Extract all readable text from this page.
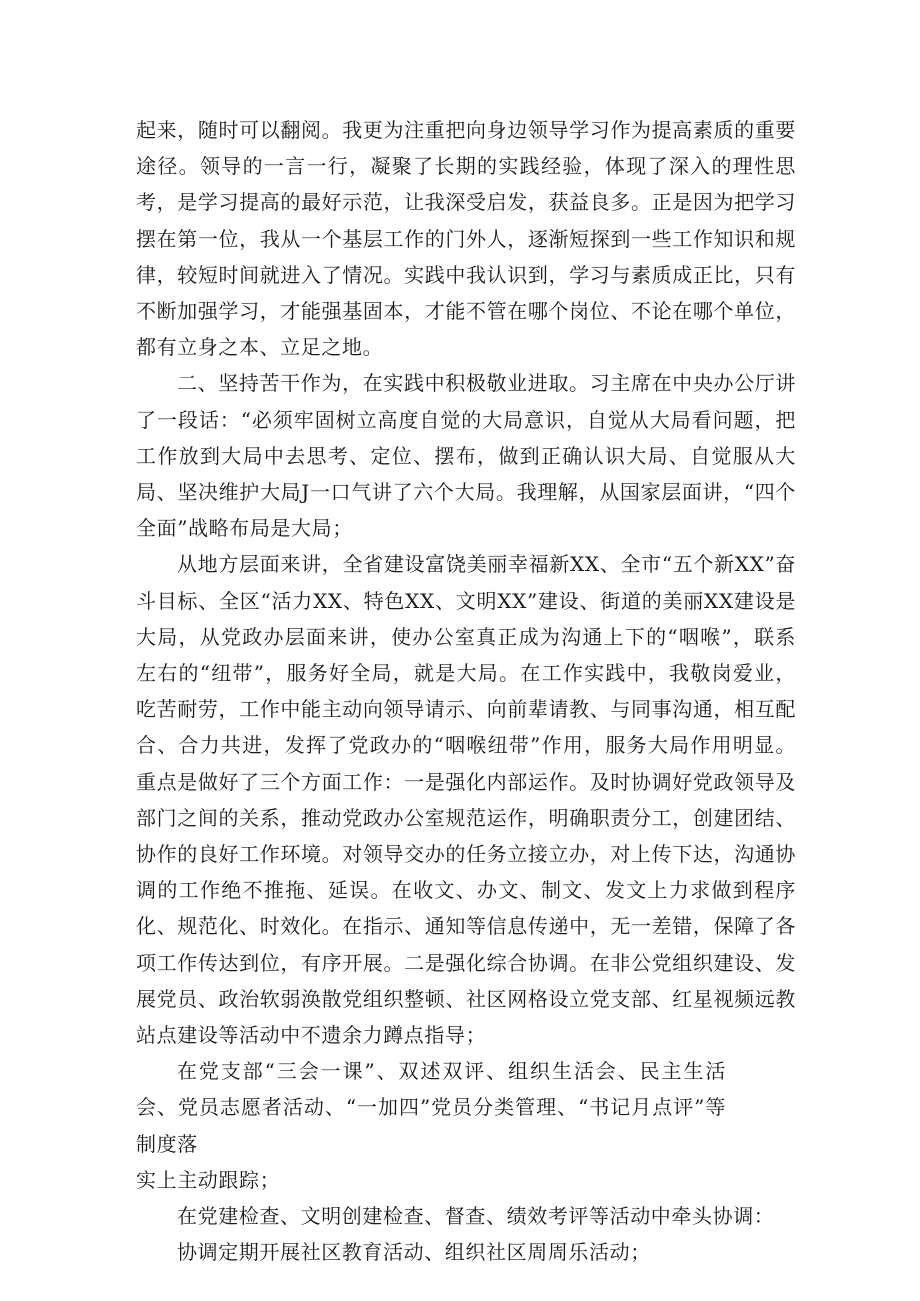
起来，随时可以翻阅。我更为注重把向身边领导学习作为提高素质的重要途径。领导的一言一行，凝聚了长期的实践经验，体现了深入的理性思考，是学习提高的最好示范，让我深受启发，获益良多。正是因为把学习摆在第一位，我从一个基层工作的门外人，逐渐短探到一些工作知识和规律，较短时间就进入了情况。实践中我认识到，学习与素质成正比，只有不断加强学习，才能强基固本，才能不管在哪个岗位、不论在哪个单位，都有立身之本、立足之地。

二、坚持苦干作为，在实践中积极敬业进取。习主席在中央办公厅讲了一段话：“必须牢固树立高度自觉的大局意识，自觉从大局看问题，把工作放到大局中去思考、定位、摆布，做到正确认识大局、自觉服从大局、坚决维护大局J一口气讲了六个大局。我理解，从国家层面讲，“四个全面”战略布局是大局；

从地方层面来讲，全省建设富饶美丽幸福新XX、全市“五个新XX”奋斗目标、全区“活力XX、特色XX、文明XX”建设、街道的美丽XX建设是大局，从党政办层面来讲，使办公室真正成为沟通上下的“咽喉”，联系左右的“纽带”，服务好全局，就是大局。在工作实践中，我敬岗爱业，吃苦耐劳，工作中能主动向领导请示、向前辈请教、与同事沟通，相互配合、合力共进，发挥了党政办的“咽喉纽带”作用，服务大局作用明显。重点是做好了三个方面工作：一是强化内部运作。及时协调好党政领导及部门之间的关系，推动党政办公室规范运作，明确职责分工，创建团结、协作的良好工作环境。对领导交办的任务立接立办，对上传下达，沟通协调的工作绝不推拖、延误。在收文、办文、制文、发文上力求做到程序化、规范化、时效化。在指示、通知等信息传递中，无一差错，保障了各项工作传达到位，有序开展。二是强化综合协调。在非公党组织建设、发展党员、政治软弱涣散党组织整顿、社区网格设立党支部、红星视频远教站点建设等活动中不遗余力蹲点指导；

在党支部“三会一课”、双述双评、组织生活会、民主生活会、党员志愿者活动、“一加四”党员分类管理、“书记月点评”等制度落

实上主动跟踪；

在党建检查、文明创建检查、督查、绩效考评等活动中牵头协调：

协调定期开展社区教育活动、组织社区周周乐活动；
